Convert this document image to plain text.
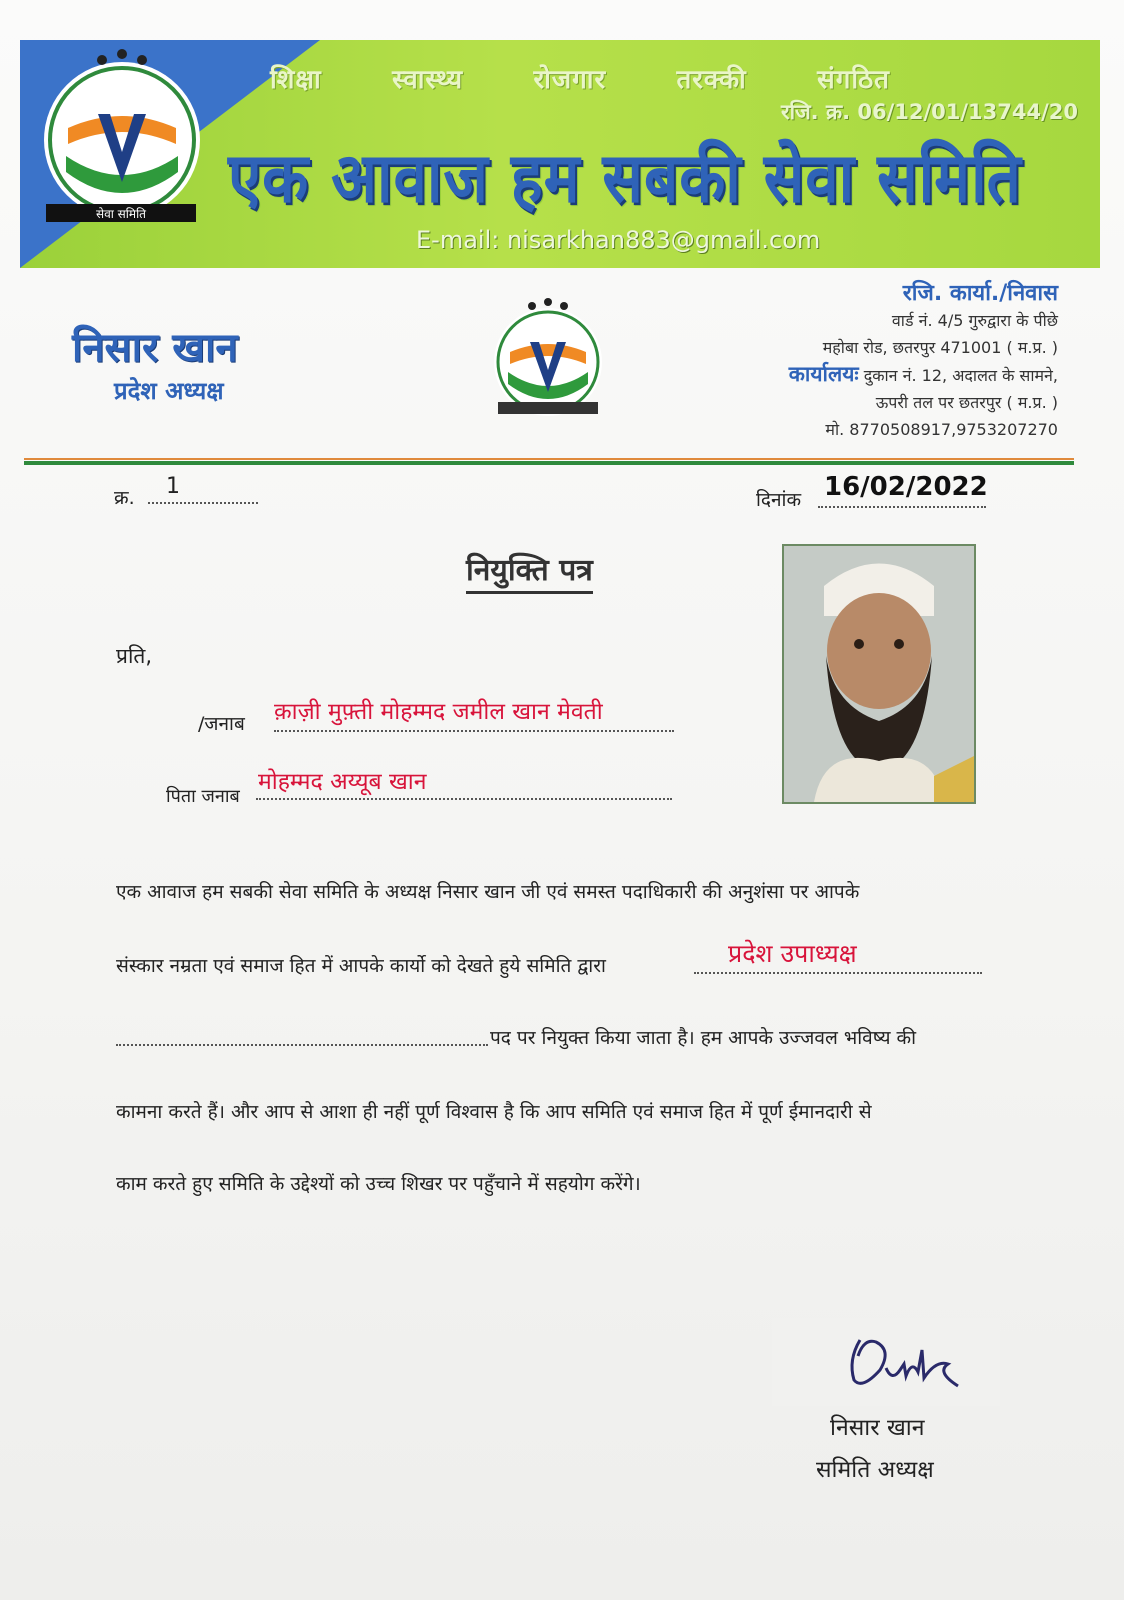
शिक्षा	स्वास्थ्य	रोजगार	तरक्की	संगठित
रजि. क्र. 06/12/01/13744/20
एक आवाज हम सबकी सेवा समिति
E-mail: nisarkhan883@gmail.com
सेवा समिति
निसार खान
प्रदेश अध्यक्ष
रजि. कार्या./निवास
वार्ड नं. 4/5 गुरुद्वारा के पीछे
महोबा रोड, छतरपुर 471001 ( म.प्र. )
कार्यालयः दुकान नं. 12, अदालत के सामने,
ऊपरी तल पर छतरपुर ( म.प्र. )
मो. 8770508917,9753207270
क्र. 1
दिनांक 16/02/2022
नियुक्ति पत्र
प्रति,
/जनाब क़ाज़ी मुफ़्ती मोहम्मद जमील खान मेवती
पिता जनाब
मोहम्मद अय्यूब खान
एक आवाज हम सबकी सेवा समिति के अध्यक्ष निसार खान जी एवं समस्त पदाधिकारी की अनुशंसा पर आपके
संस्कार नम्रता एवं समाज हित में आपके कार्यो को देखते हुये समिति द्वारा	प्रदेश उपाध्यक्ष
पद पर नियुक्त किया जाता है। हम आपके उज्जवल भविष्य की
कामना करते हैं। और आप से आशा ही नहीं पूर्ण विश्वास है कि आप समिति एवं समाज हित में पूर्ण ईमानदारी से
काम करते हुए समिति के उद्देश्यों को उच्च शिखर पर पहुँचाने में सहयोग करेंगे।
निसार खान
समिति अध्यक्ष
